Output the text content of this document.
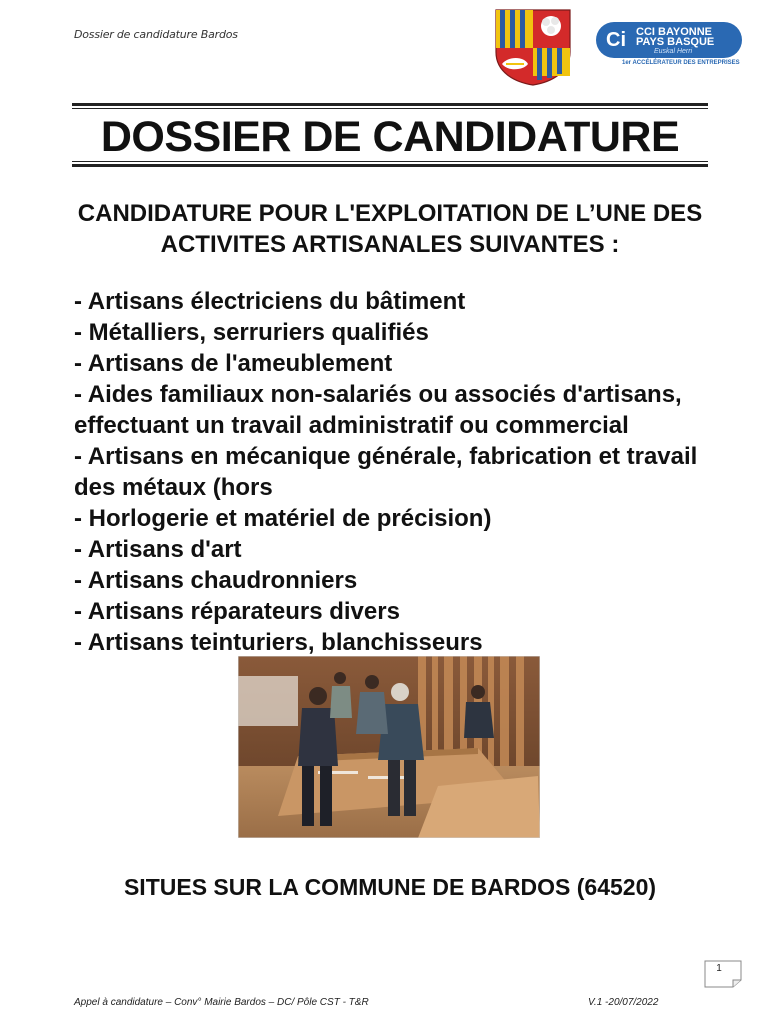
Dossier de candidature Bardos	Ci CCI BAYONNE
PAYS BASQUE
Euskal Herri
1er ACCÉLÉRATEUR DES ENTREPRISES
DOSSIER DE CANDIDATURE
CANDIDATURE POUR L'EXPLOITATION DE L’UNE DES
ACTIVITES ARTISANALES SUIVANTES :
- Artisans électriciens du bâtiment
- Métalliers, serruriers qualifiés
- Artisans de l'ameublement
- Aides familiaux non-salariés ou associés d'artisans,
effectuant un travail administratif ou commercial
- Artisans en mécanique générale, fabrication et travail
des métaux (hors
- Horlogerie et matériel de précision)
- Artisans d'art
- Artisans chaudronniers
- Artisans réparateurs divers
- Artisans teinturiers, blanchisseurs
SITUES SUR LA COMMUNE DE BARDOS (64520)
1
Appel à candidature – Conv° Mairie Bardos – DC/ Pôle CST - T&R	V.1 -20/07/2022
